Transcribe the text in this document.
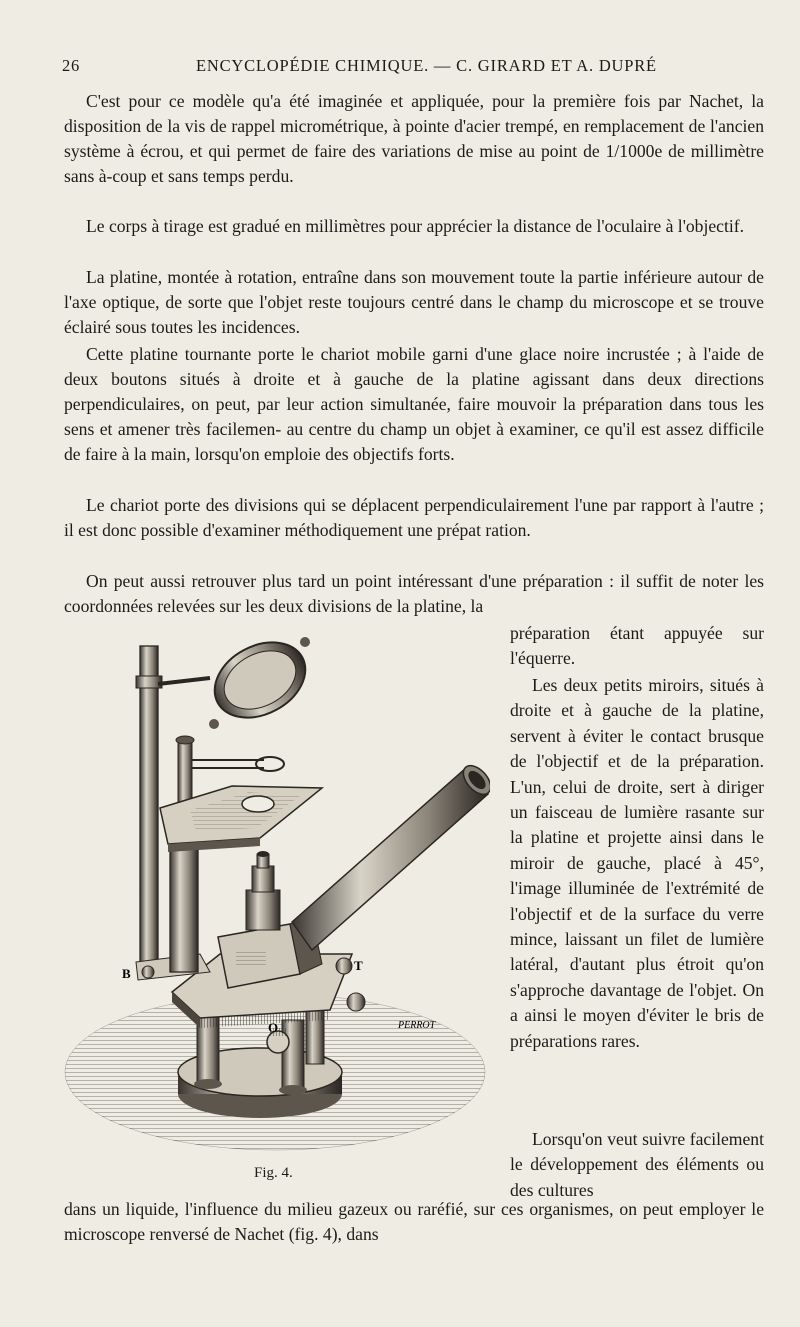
26	ENCYCLOPÉDIE CHIMIQUE. — C. GIRARD ET A. DUPRÉ

C'est pour ce modèle qu'a été imaginée et appliquée, pour la première fois par Nachet, la disposition de la vis de rappel micrométrique, à pointe d'acier trempé, en remplacement de l'ancien système à écrou, et qui permet de faire des variations de mise au point de 1/1000e de millimètre sans à-coup et sans temps perdu.

Le corps à tirage est gradué en millimètres pour apprécier la distance de l'oculaire à l'objectif.

La platine, montée à rotation, entraîne dans son mouvement toute la partie inférieure autour de l'axe optique, de sorte que l'objet reste toujours centré dans le champ du microscope et se trouve éclairé sous toutes les incidences.

Cette platine tournante porte le chariot mobile garni d'une glace noire incrustée ; à l'aide de deux boutons situés à droite et à gauche de la platine agissant dans deux directions perpendiculaires, on peut, par leur action simultanée, faire mouvoir la préparation dans tous les sens et amener très facilemen- au centre du champ un objet à examiner, ce qu'il est assez difficile de faire à la main, lorsqu'on emploie des objectifs forts.

Le chariot porte des divisions qui se déplacent perpendiculairement l'une par rapport à l'autre ; il est donc possible d'examiner méthodiquement une prépat ration.

On peut aussi retrouver plus tard un point intéressant d'une préparation : il suffit de noter les coordonnées relevées sur les deux divisions de la platine, la

préparation étant appuyée sur l'équerre.

Les deux petits miroirs, situés à droite et à gauche de la platine, servent à éviter le contact brusque de l'objectif et de la préparation. L'un, celui de droite, sert à diriger un faisceau de lumière rasante sur la platine et projette ainsi dans le miroir de gauche, placé à 45°, l'image illuminée de l'extrémité de l'objectif et de la surface du verre mince, laissant un filet de lumière latéral, d'autant plus étroit qu'on s'approche davantage de l'objet. On a ainsi le moyen d'éviter le bris de préparations rares.

Lorsqu'on veut suivre facilement le développement des éléments ou des cultures

dans un liquide, l'influence du milieu gazeux ou raréfié, sur ces organismes, on peut employer le microscope renversé de Nachet (fig. 4), dans

B
T
O	PERROT
Fig. 4.
